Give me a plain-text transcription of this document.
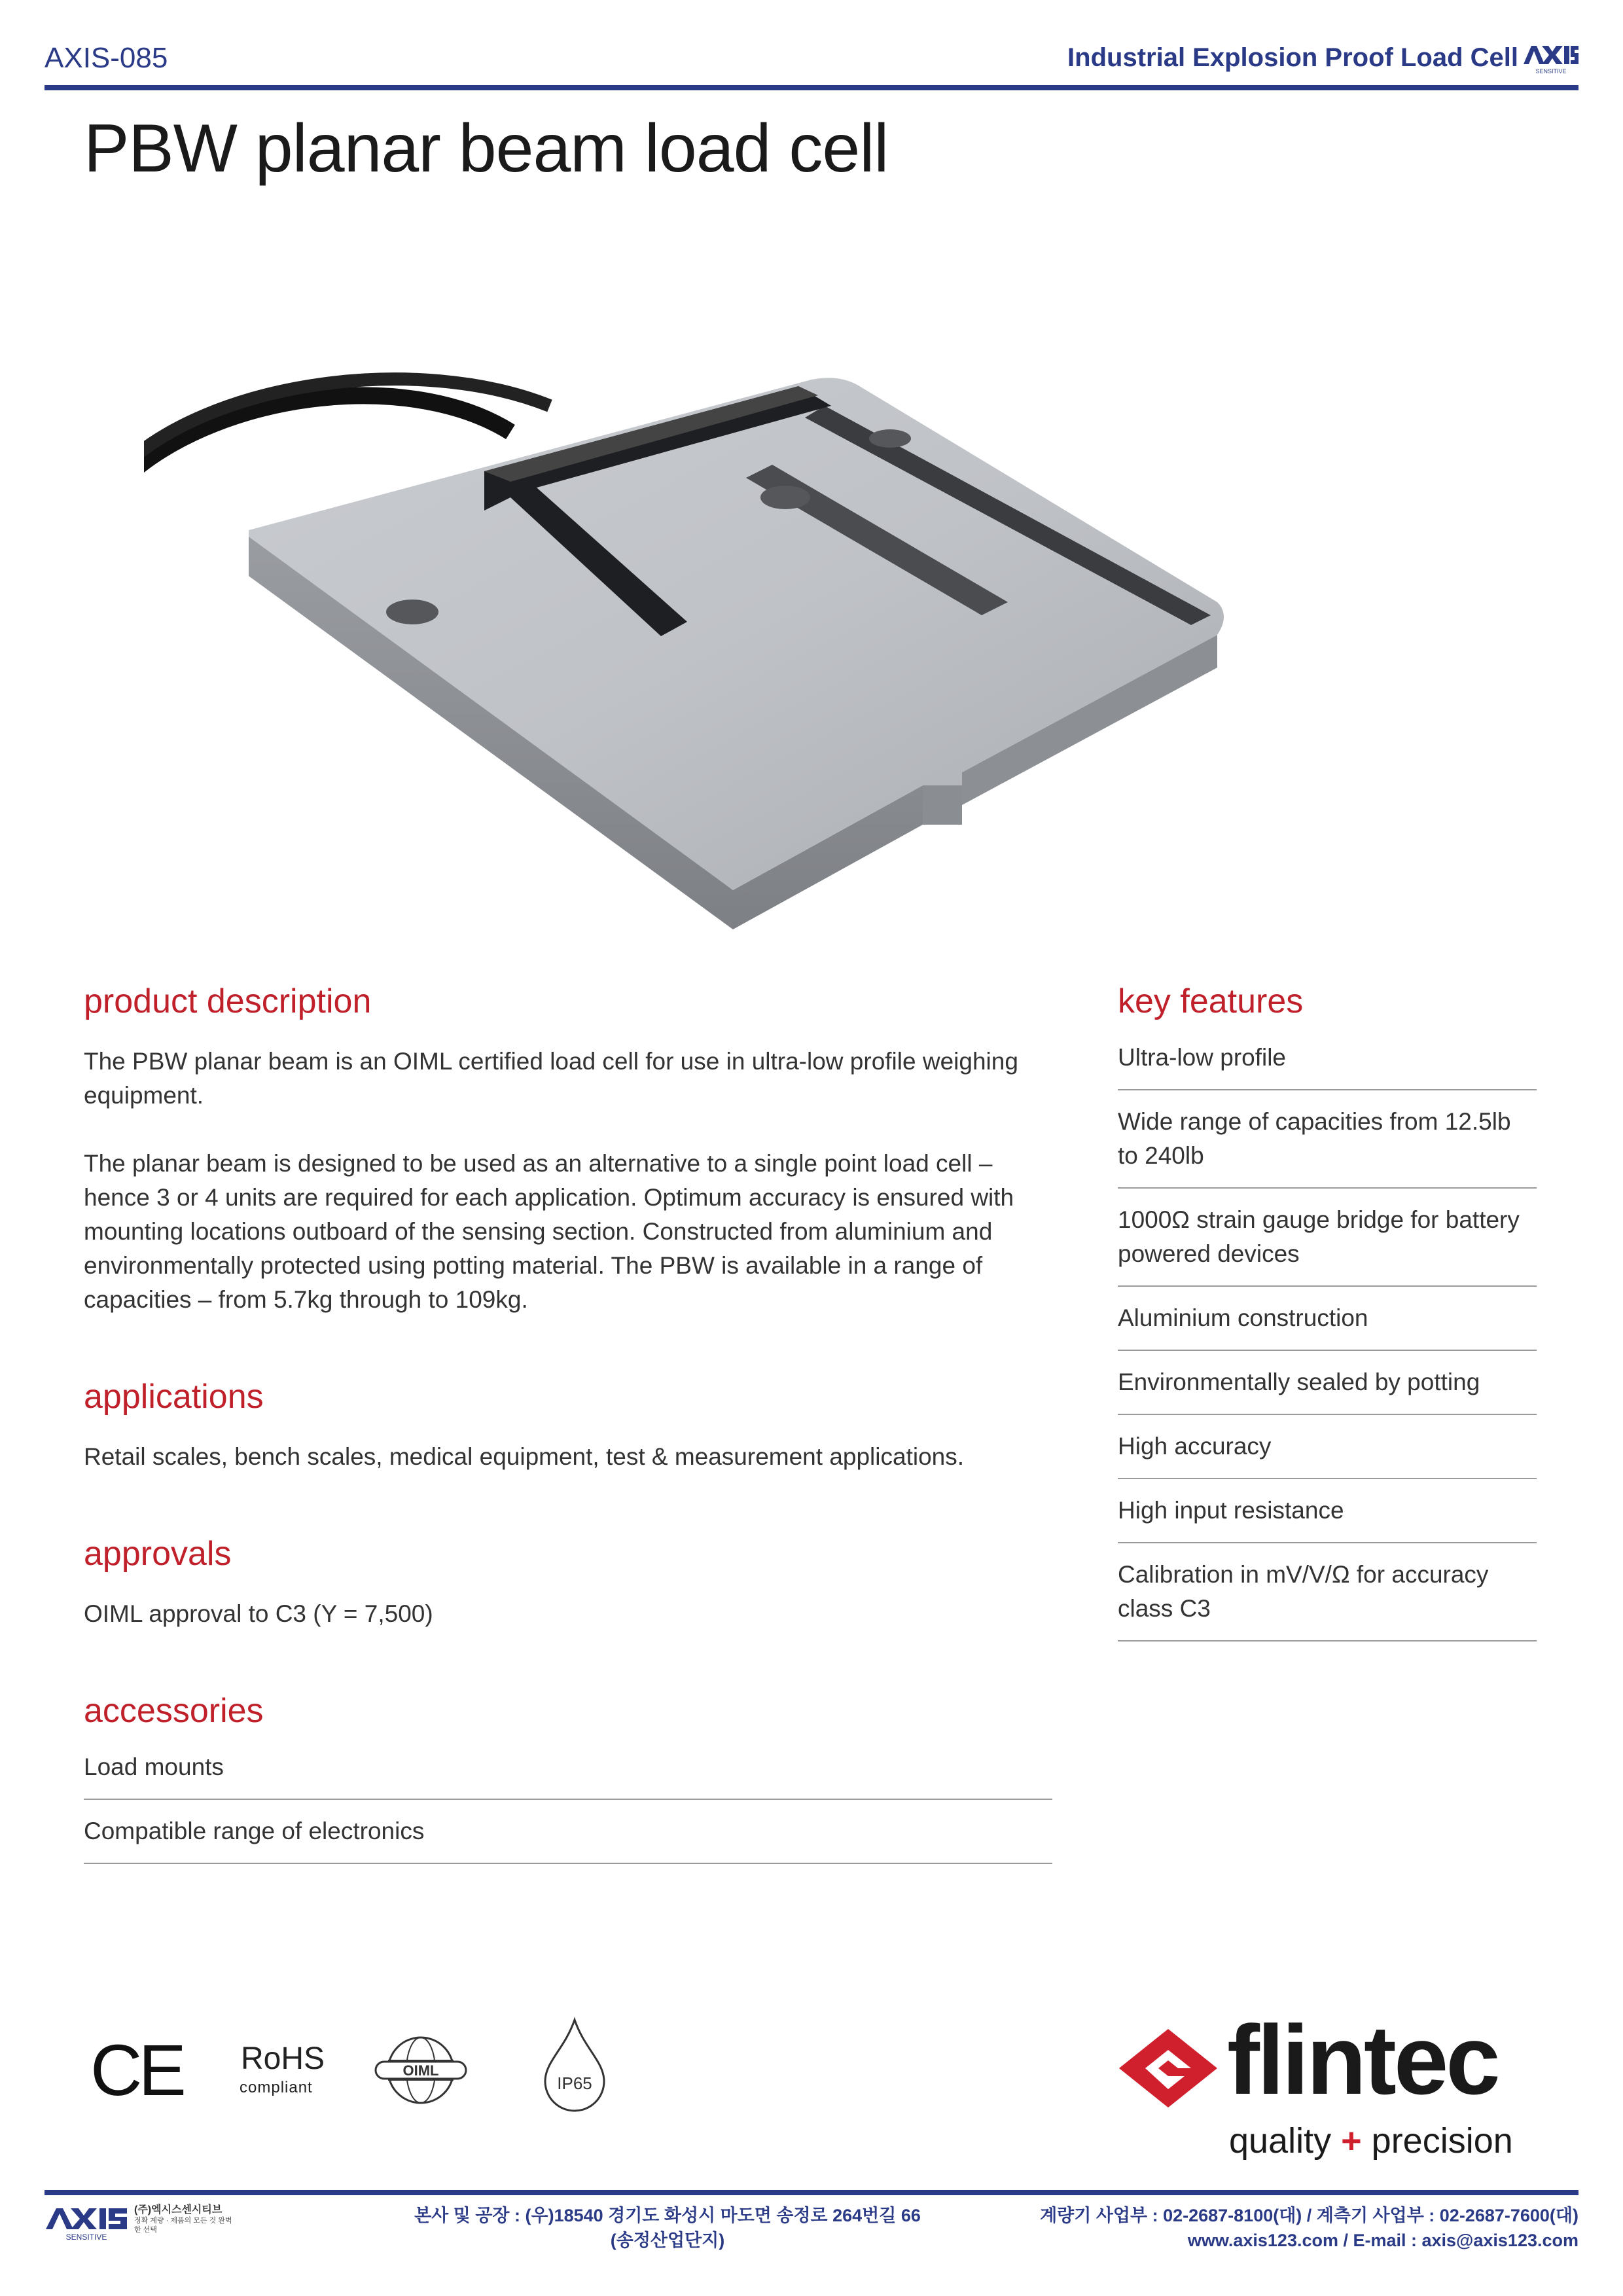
AXIS-085	Industrial Explosion Proof Load Cell	SENSITIVE
PBW planar beam load cell
product description

The PBW planar beam is an OIML certified load cell for use in ultra-low profile weighing equipment.

The planar beam is designed to be used as an alternative to a single point load cell – hence 3 or 4 units are required for each application. Optimum accuracy is ensured with mounting locations outboard of the sensing section. Constructed from aluminium and environmentally protected using potting material. The PBW is available in a range of capacities – from 5.7kg through to 109kg.

applications

Retail scales, bench scales, medical equipment, test & measurement applications.

approvals

OIML approval to C3 (Y = 7,500)

accessories
Load mounts
Compatible range of electronics
key features
Ultra-low profile
Wide range of capacities from 12.5lb to 240lb
1000Ω strain gauge bridge for battery powered devices
Aluminium construction
Environmentally sealed by potting
High accuracy
High input resistance
Calibration in mV/V/Ω for accuracy class C3
CE RoHS
compliant
OIML
IP65	flintec
quality + precision
SENSITIVE
(주)엑시스센시티브
정확 계량 · 제품의 모든 것 완벽한 선택
본사 및 공장 : (우)18540 경기도 화성시 마도면 송정로 264번길 66
(송정산업단지)
계량기 사업부 : 02-2687-8100(대) / 계측기 사업부 : 02-2687-7600(대)
www.axis123.com / E-mail : axis@axis123.com
